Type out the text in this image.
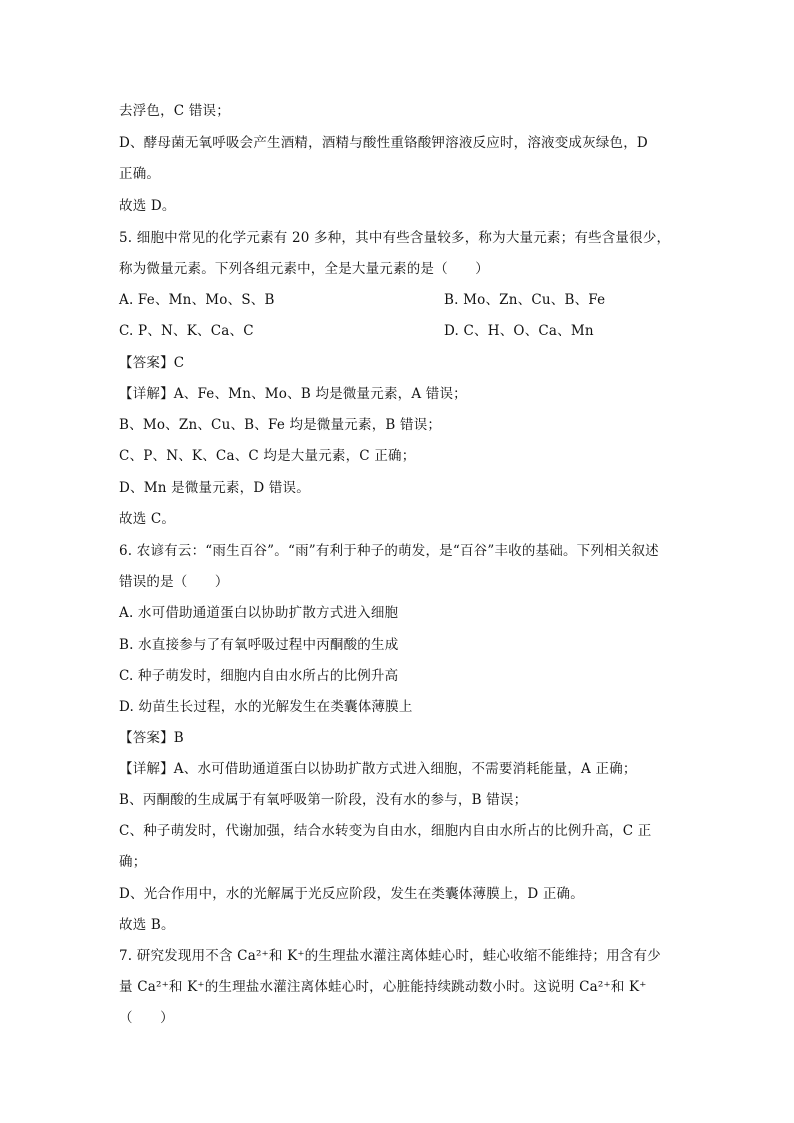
去浮色，C 错误；
D、酵母菌无氧呼吸会产生酒精，酒精与酸性重铬酸钾溶液反应时，溶液变成灰绿色，D
正确。
故选 D。
5. 细胞中常见的化学元素有 20 多种，其中有些含量较多，称为大量元素；有些含量很少，
称为微量元素。下列各组元素中，全是大量元素的是（　　）
A. Fe、Mn、Mo、S、B	B. Mo、Zn、Cu、B、Fe
C. P、N、K、Ca、C	D. C、H、O、Ca、Mn
【答案】C
【详解】A、Fe、Mn、Mo、B 均是微量元素，A 错误；
B、Mo、Zn、Cu、B、Fe 均是微量元素，B 错误；
C、P、N、K、Ca、C 均是大量元素，C 正确；
D、Mn 是微量元素，D 错误。
故选 C。
6. 农谚有云：“雨生百谷”。“雨”有利于种子的萌发，是“百谷”丰收的基础。下列相关叙述
错误的是（　　）
A. 水可借助通道蛋白以协助扩散方式进入细胞
B. 水直接参与了有氧呼吸过程中丙酮酸的生成
C. 种子萌发时，细胞内自由水所占的比例升高
D. 幼苗生长过程，水的光解发生在类囊体薄膜上
【答案】B
【详解】A、水可借助通道蛋白以协助扩散方式进入细胞，不需要消耗能量，A 正确；
B、丙酮酸的生成属于有氧呼吸第一阶段，没有水的参与，B 错误；
C、种子萌发时，代谢加强，结合水转变为自由水，细胞内自由水所占的比例升高，C 正
确；
D、光合作用中，水的光解属于光反应阶段，发生在类囊体薄膜上，D 正确。
故选 B。
7. 研究发现用不含 Ca²⁺和 K⁺的生理盐水灌注离体蛙心时，蛙心收缩不能维持；用含有少
量 Ca²⁺和 K⁺的生理盐水灌注离体蛙心时，心脏能持续跳动数小时。这说明 Ca²⁺和 K⁺
（　　）
